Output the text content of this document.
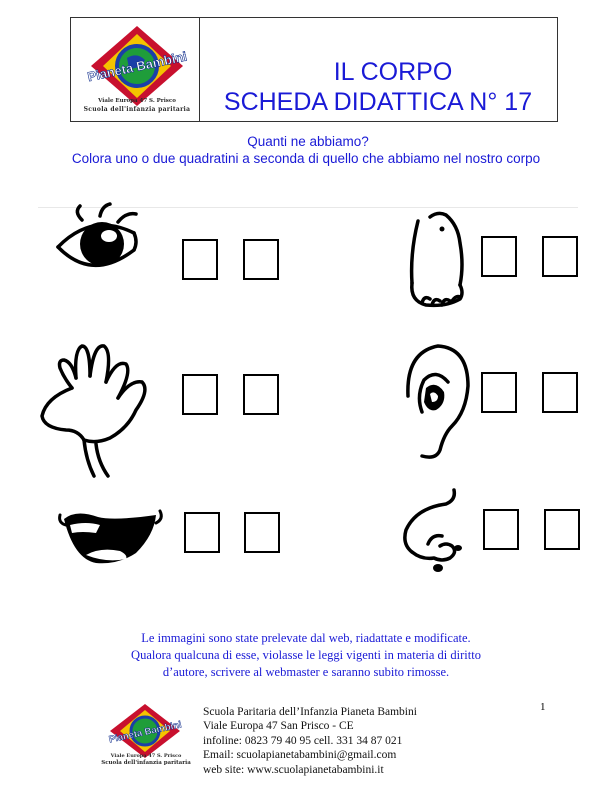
Pianeta Bambini
Viale Europa 47 S. Prisco
Scuola dell'infanzia paritaria
IL CORPO
SCHEDA DIDATTICA N° 17
Quanti ne abbiamo?
Colora uno o due quadratini a seconda di quello che abbiamo nel nostro corpo
Le immagini sono state prelevate dal web, riadattate e modificate.
Qualora qualcuna di esse, violasse le leggi vigenti in materia di diritto
d’autore, scrivere al webmaster e saranno subito rimosse.
1
Pianeta Bambini
Viale Europa 47 S. Prisco
Scuola dell'infanzia paritaria
Scuola Paritaria dell’Infanzia Pianeta Bambini
Viale Europa 47 San Prisco - CE
infoline: 0823 79 40 95 cell. 331 34 87 021
Email: scuolapianetabambini@gmail.com
web site: www.scuolapianetabambini.it
